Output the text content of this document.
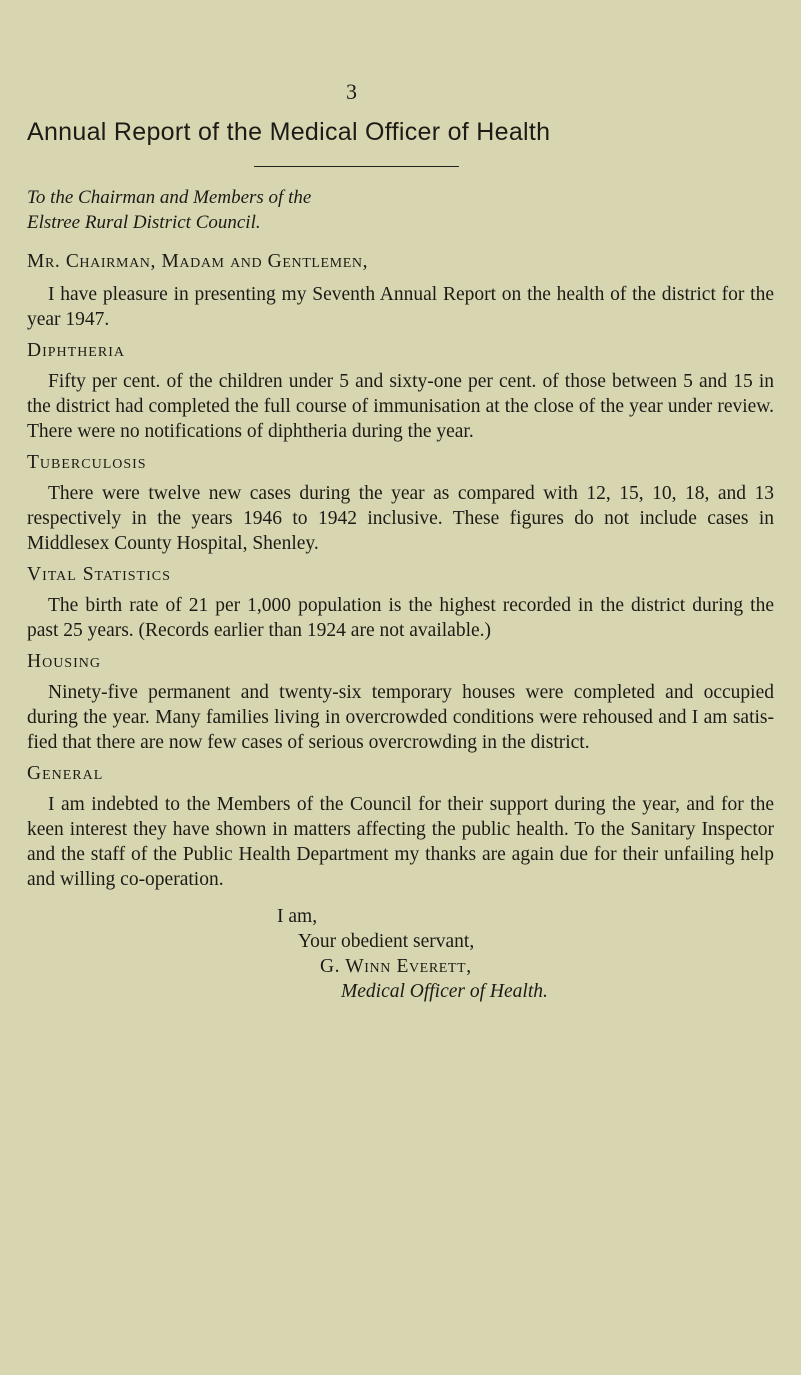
3
Annual Report of the Medical Officer of Health
To the Chairman and Members of the
Elstree Rural District Council.
Mr. Chairman, Madam and Gentlemen,

I have pleasure in presenting my Seventh Annual Report on the health of the district for the year 1947.

Diphtheria

Fifty per cent. of the children under 5 and sixty-one per cent. of those between 5 and 15 in the district had completed the full course of immunisation at the close of the year under review. There were no notifications of diphtheria during the year.

Tuberculosis

There were twelve new cases during the year as compared with 12, 15, 10, 18, and 13 respectively in the years 1946 to 1942 inclusive. These figures do not include cases in Middlesex County Hospital, Shenley.

Vital Statistics

The birth rate of 21 per 1,000 population is the highest recorded in the district during the past 25 years. (Records earlier than 1924 are not available.)

Housing

Ninety-five permanent and twenty-six temporary houses were completed and occupied during the year. Many families living in overcrowded conditions were rehoused and I am satis- fied that there are now few cases of serious overcrowding in the district.

General

I am indebted to the Members of the Council for their support during the year, and for the keen interest they have shown in matters affecting the public health. To the Sanitary Inspector and the staff of the Public Health Department my thanks are again due for their unfailing help and willing co-operation.

I am,
Your obedient servant,
G. Winn Everett,
Medical Officer of Health.
